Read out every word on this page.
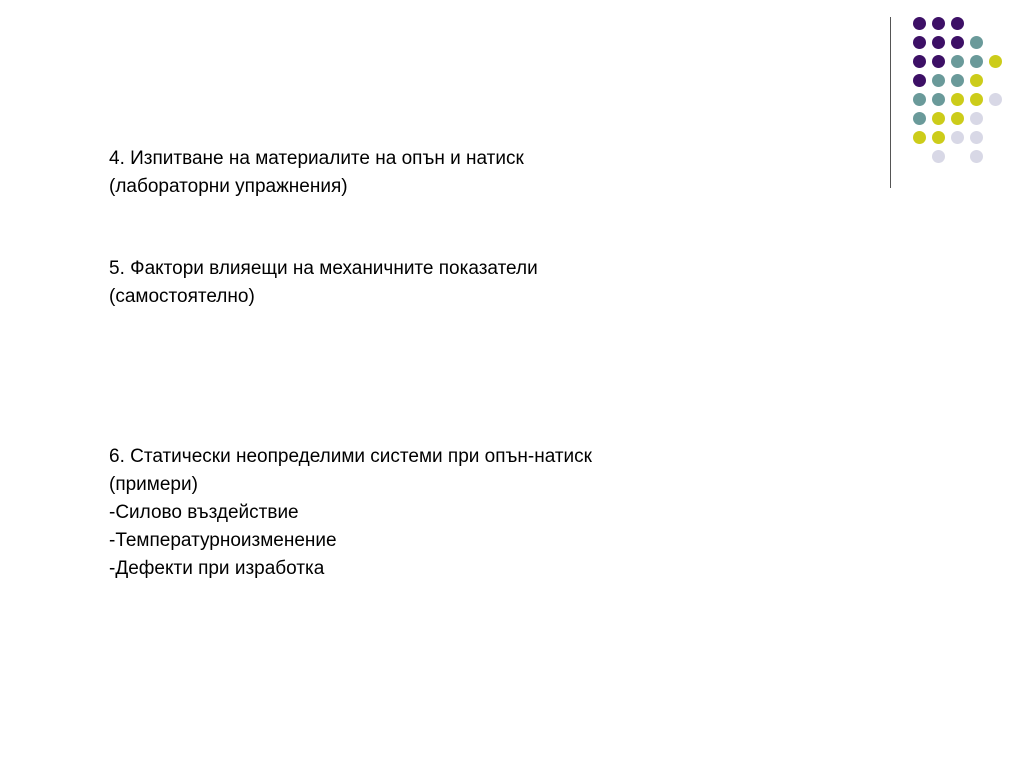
4. Изпитване на материалите на опън и натиск
(лабораторни упражнения)
5. Фактори влияещи на механичните показатели
(самостоятелно)
6. Статически неопределими системи при опън-натиск
(примери)
-Силово въздействие
-Температурноизменение
-Дефекти при изработка
